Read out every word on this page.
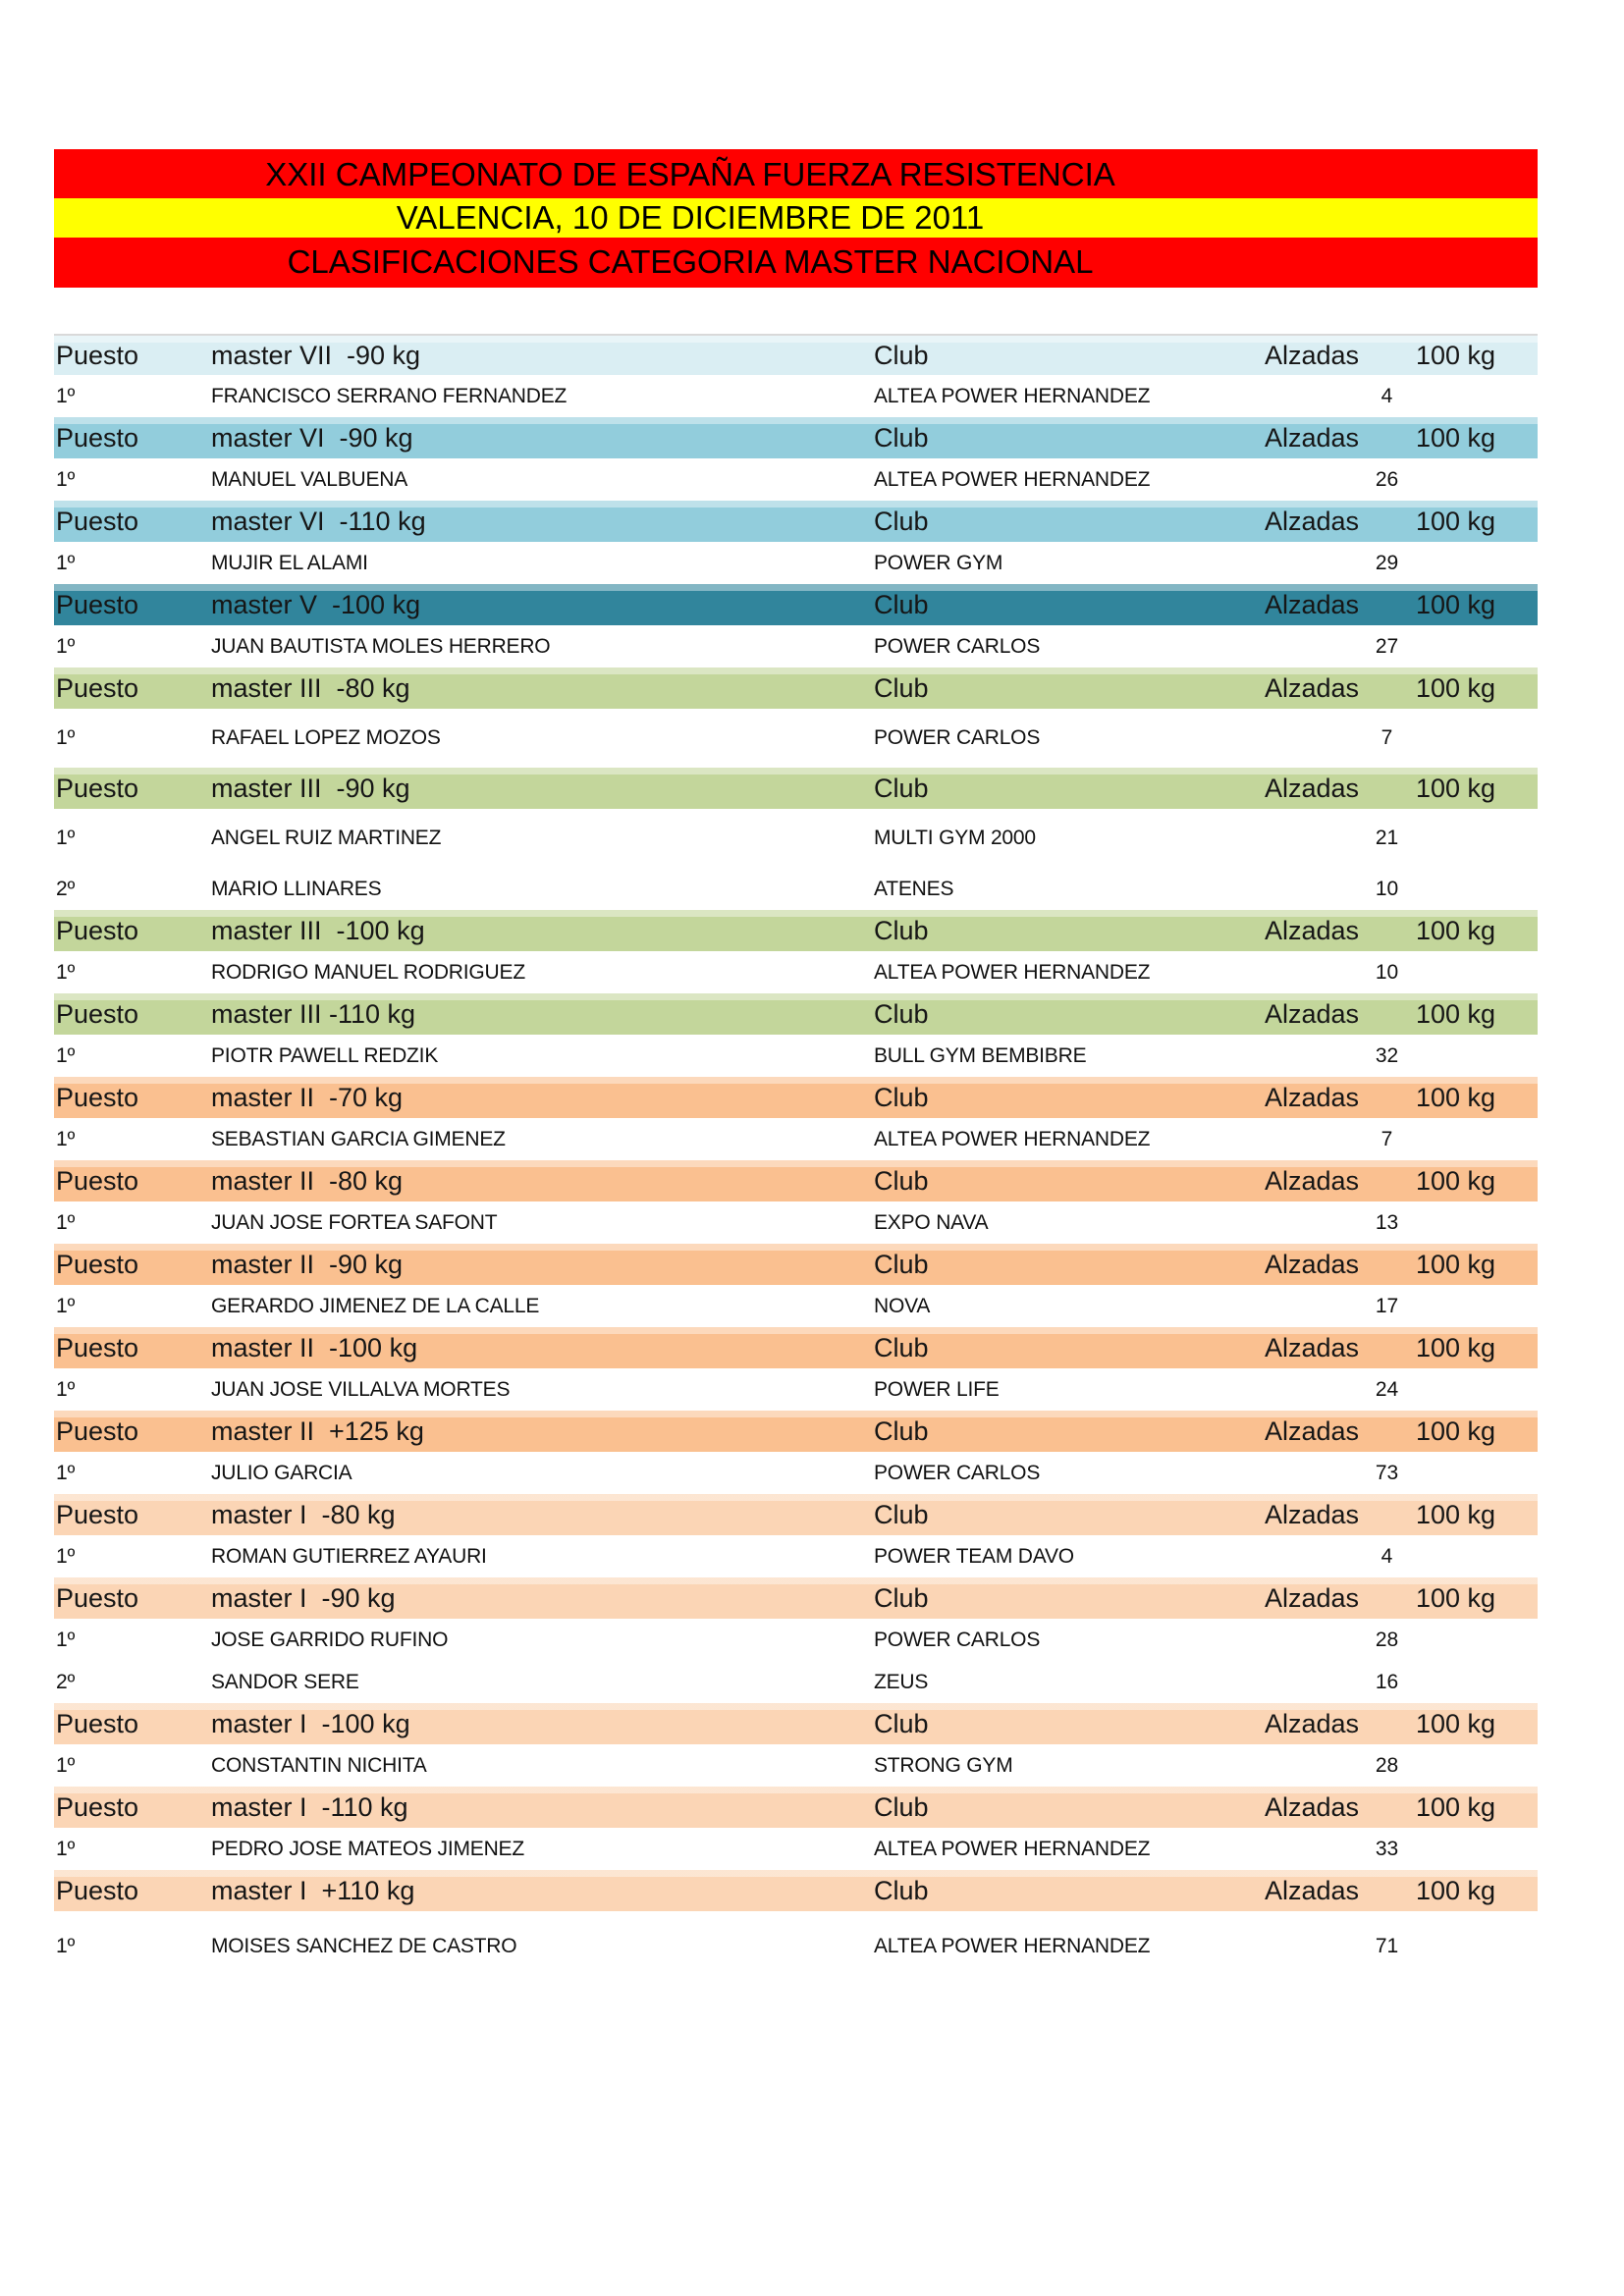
XXII CAMPEONATO DE ESPAÑA FUERZA RESISTENCIA
VALENCIA, 10 DE DICIEMBRE DE 2011
CLASIFICACIONES CATEGORIA MASTER NACIONAL
Puesto	master VII  -90 kg	Club	Alzadas 100 kg
1º	FRANCISCO SERRANO FERNANDEZ	ALTEA POWER HERNANDEZ	4
Puesto	master VI  -90 kg	Club	Alzadas 100 kg
1º	MANUEL VALBUENA	ALTEA POWER HERNANDEZ	26
Puesto	master VI  -110 kg	Club	Alzadas 100 kg
1º	MUJIR EL ALAMI	POWER GYM	29
Puesto	master V  -100 kg	Club	Alzadas 100 kg
1º	JUAN BAUTISTA MOLES HERRERO	POWER CARLOS	27
Puesto	master III  -80 kg	Club	Alzadas 100 kg
1º	RAFAEL LOPEZ MOZOS	POWER CARLOS	7
Puesto	master III  -90 kg	Club	Alzadas 100 kg
1º	ANGEL RUIZ MARTINEZ	MULTI GYM 2000	21
2º	MARIO LLINARES	ATENES	10
Puesto	master III  -100 kg	Club	Alzadas 100 kg
1º	RODRIGO MANUEL RODRIGUEZ	ALTEA POWER HERNANDEZ	10
Puesto	master III -110 kg	Club	Alzadas 100 kg
1º	PIOTR PAWELL REDZIK	BULL GYM BEMBIBRE	32
Puesto	master II  -70 kg	Club	Alzadas 100 kg
1º	SEBASTIAN GARCIA GIMENEZ	ALTEA POWER HERNANDEZ	7
Puesto	master II  -80 kg	Club	Alzadas 100 kg
1º	JUAN JOSE FORTEA SAFONT	EXPO NAVA	13
Puesto	master II  -90 kg	Club	Alzadas 100 kg
1º	GERARDO JIMENEZ DE LA CALLE	NOVA	17
Puesto	master II  -100 kg	Club	Alzadas 100 kg
1º	JUAN JOSE VILLALVA MORTES	POWER LIFE	24
Puesto	master II  +125 kg	Club	Alzadas 100 kg
1º	JULIO GARCIA	POWER CARLOS	73
Puesto	master I  -80 kg	Club	Alzadas 100 kg
1º	ROMAN GUTIERREZ AYAURI	POWER TEAM DAVO	4
Puesto	master I  -90 kg	Club	Alzadas 100 kg
1º	JOSE GARRIDO RUFINO	POWER CARLOS	28
2º	SANDOR SERE	ZEUS	16
Puesto	master I  -100 kg	Club	Alzadas 100 kg
1º	CONSTANTIN NICHITA	STRONG GYM	28
Puesto	master I  -110 kg	Club	Alzadas 100 kg
1º	PEDRO JOSE MATEOS JIMENEZ	ALTEA POWER HERNANDEZ	33
Puesto	master I  +110 kg	Club	Alzadas 100 kg
1º	MOISES SANCHEZ DE CASTRO	ALTEA POWER HERNANDEZ	71
